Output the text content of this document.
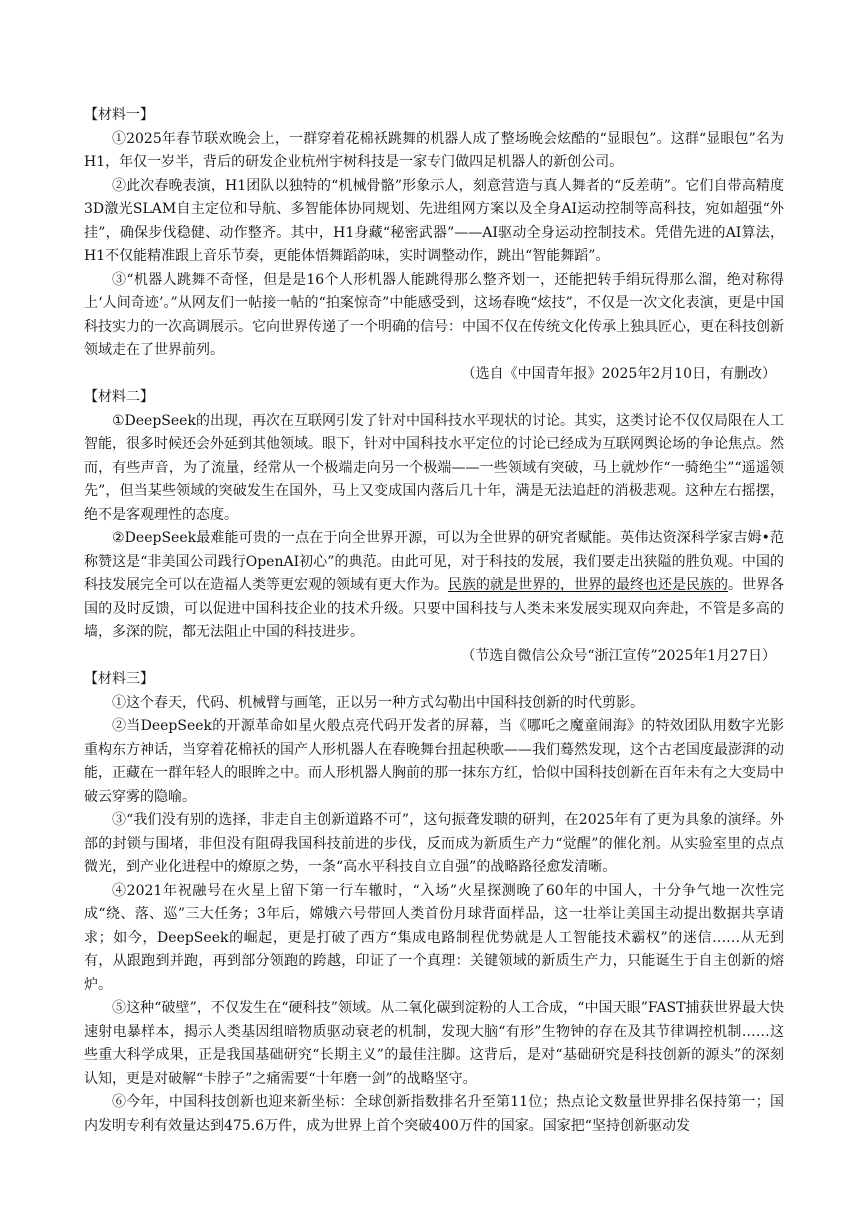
【材料一】

①2025年春节联欢晚会上，一群穿着花棉袄跳舞的机器人成了整场晚会炫酷的“显眼包”。这群“显眼包”名为H1，年仅一岁半，背后的研发企业杭州宇树科技是一家专门做四足机器人的新创公司。

②此次春晚表演，H1团队以独特的“机械骨骼”形象示人，刻意营造与真人舞者的“反差萌”。它们自带高精度3D激光SLAM自主定位和导航、多智能体协同规划、先进组网方案以及全身AI运动控制等高科技，宛如超强“外挂”，确保步伐稳健、动作整齐。其中，H1身藏“秘密武器”——AI驱动全身运动控制技术。凭借先进的AI算法，H1不仅能精准跟上音乐节奏，更能体悟舞蹈韵味，实时调整动作，跳出“智能舞蹈”。

③“机器人跳舞不奇怪，但是是16个人形机器人能跳得那么整齐划一，还能把转手绢玩得那么溜，绝对称得上‘人间奇迹’。”从网友们一帖接一帖的“拍案惊奇”中能感受到，这场春晚“炫技”，不仅是一次文化表演，更是中国科技实力的一次高调展示。它向世界传递了一个明确的信号：中国不仅在传统文化传承上独具匠心，更在科技创新领域走在了世界前列。

（选自《中国青年报》2025年2月10日，有删改）

【材料二】

①DeepSeek的出现，再次在互联网引发了针对中国科技水平现状的讨论。其实，这类讨论不仅仅局限在人工智能，很多时候还会外延到其他领域。眼下，针对中国科技水平定位的讨论已经成为互联网舆论场的争论焦点。然而，有些声音，为了流量，经常从一个极端走向另一个极端——一些领域有突破，马上就炒作“一骑绝尘”“遥遥领先”，但当某些领域的突破发生在国外，马上又变成国内落后几十年，满是无法追赶的消极悲观。这种左右摇摆，绝不是客观理性的态度。

②DeepSeek最难能可贵的一点在于向全世界开源，可以为全世界的研究者赋能。英伟达资深科学家吉姆•范称赞这是“非美国公司践行OpenAI初心”的典范。由此可见，对于科技的发展，我们要走出狭隘的胜负观。中国的科技发展完全可以在造福人类等更宏观的领域有更大作为。民族的就是世界的，世界的最终也还是民族的。世界各国的及时反馈，可以促进中国科技企业的技术升级。只要中国科技与人类未来发展实现双向奔赴，不管是多高的墙，多深的院，都无法阻止中国的科技进步。

（节选自微信公众号“浙江宣传”2025年1月27日）

【材料三】

①这个春天，代码、机械臂与画笔，正以另一种方式勾勒出中国科技创新的时代剪影。

②当DeepSeek的开源革命如星火般点亮代码开发者的屏幕，当《哪吒之魔童闹海》的特效团队用数字光影重构东方神话，当穿着花棉袄的国产人形机器人在春晚舞台扭起秧歌——我们蓦然发现，这个古老国度最澎湃的动能，正藏在一群年轻人的眼眸之中。而人形机器人胸前的那一抹东方红，恰似中国科技创新在百年未有之大变局中破云穿雾的隐喻。

③“我们没有别的选择，非走自主创新道路不可”，这句振聋发聩的研判，在2025年有了更为具象的演绎。外部的封锁与围堵，非但没有阻碍我国科技前进的步伐，反而成为新质生产力“觉醒”的催化剂。从实验室里的点点微光，到产业化进程中的燎原之势，一条“高水平科技自立自强”的战略路径愈发清晰。

④2021年祝融号在火星上留下第一行车辙时，“入场”火星探测晚了60年的中国人，十分争气地一次性完成“绕、落、巡”三大任务；3年后，嫦娥六号带回人类首份月球背面样品，这一壮举让美国主动提出数据共享请求；如今，DeepSeek的崛起，更是打破了西方“集成电路制程优势就是人工智能技术霸权”的迷信……从无到有，从跟跑到并跑，再到部分领跑的跨越，印证了一个真理：关键领域的新质生产力，只能诞生于自主创新的熔炉。

⑤这种“破壁”，不仅发生在“硬科技”领域。从二氧化碳到淀粉的人工合成，“中国天眼”FAST捕获世界最大快速射电暴样本，揭示人类基因组暗物质驱动衰老的机制，发现大脑“有形”生物钟的存在及其节律调控机制……这些重大科学成果，正是我国基础研究“长期主义”的最佳注脚。这背后，是对“基础研究是科技创新的源头”的深刻认知，更是对破解“卡脖子”之痛需要“十年磨一剑”的战略坚守。

⑥今年，中国科技创新也迎来新坐标：全球创新指数排名升至第11位；热点论文数量世界排名保持第一；国内发明专利有效量达到475.6万件，成为世界上首个突破400万件的国家。国家把“坚持创新驱动发
